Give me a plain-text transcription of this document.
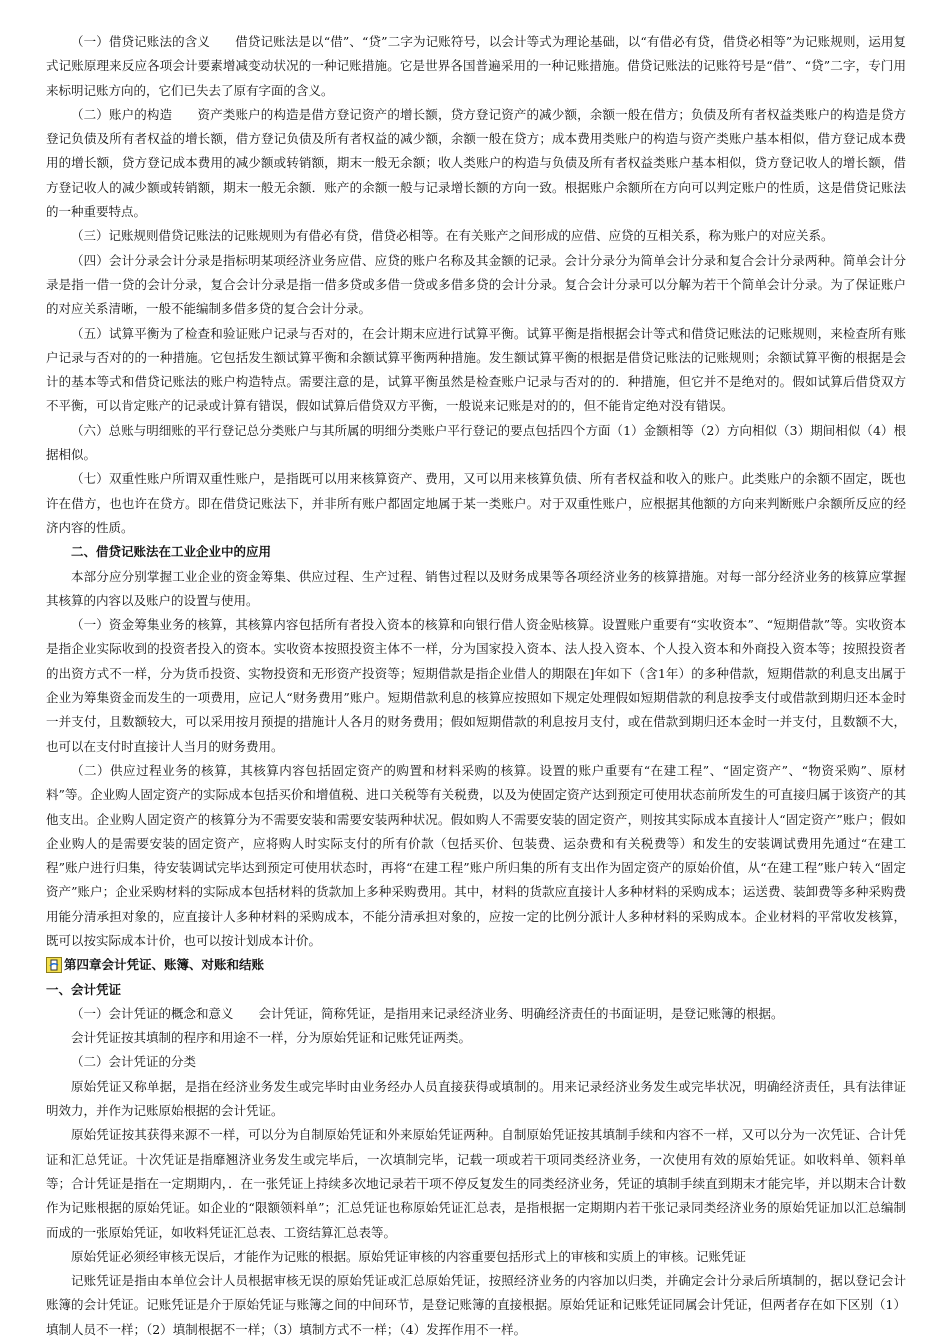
（一）借贷记账法的含义　　借贷记账法是以“借”、“贷”二字为记账符号，以会计等式为理论基础，以“有借必有贷，借贷必相等”为记账规则，运用复式记账原理来反应各项会计要素增减变动状况的一种记账措施。它是世界各国普遍采用的一种记账措施。借贷记账法的记账符号是“借”、“贷”二字，专门用来标明记账方向的，它们已失去了原有字面的含义。

（二）账户的构造　　资产类账户的构造是借方登记资产的增长额，贷方登记资产的减少额，余额一般在借方；负债及所有者权益类账户的构造是贷方登记负债及所有者权益的增长额，借方登记负债及所有者权益的减少额，余额一般在贷方；成本费用类账户的构造与资产类账户基本相似，借方登记成本费用的增长额，贷方登记成本费用的减少额或转销额，期末一般无余额；收人类账户的构造与负债及所有者权益类账户基本相似，贷方登记收人的增长额，借方登记收人的减少额或转销额，期末一般无余额．账产的余额一般与记录增长额的方向一致。根据账户余额所在方向可以判定账户的性质，这是借贷记账法的一种重要特点。

（三）记账规则借贷记账法的记账规则为有借必有贷，借贷必相等。在有关账产之间形成的应借、应贷的互相关系，称为账户的对应关系。

（四）会计分录会计分录是指标明某项经济业务应借、应贷的账户名称及其金额的记录。会计分录分为简单会计分录和复合会计分录两种。简单会计分录是指一借一贷的会计分录，复合会计分录是指一借多贷或多借一贷或多借多贷的会计分录。复合会计分录可以分解为若干个简单会计分录。为了保证账户的对应关系清晰，一般不能编制多借多贷的复合会计分录。

（五）试算平衡为了检查和验证账户记录与否对的，在会计期末应进行试算平衡。试算平衡是指根据会计等式和借贷记账法的记账规则，来检查所有账户记录与否对的的一种措施。它包括发生额试算平衡和余额试算平衡两种措施。发生额试算平衡的根据是借贷记账法的记账规则；余额试算平衡的根据是会计的基本等式和借贷记账法的账户构造特点。需要注意的是，试算平衡虽然是检查账户记录与否对的的．种措施，但它并不是绝对的。假如试算后借贷双方不平衡，可以肯定账产的记录或计算有错误，假如试算后借贷双方平衡，一般说来记账是对的的，但不能肯定绝对没有错误。

（六）总账与明细账的平行登记总分类账户与其所属的明细分类账户平行登记的要点包括四个方面（1）金额相等（2）方向相似（3）期间相似（4）根据相似。

（七）双重性账户所谓双重性账户，是指既可以用来核算资产、费用，又可以用来核算负债、所有者权益和收入的账户。此类账户的余额不固定，既也许在借方，也也许在贷方。即在借贷记账法下，并非所有账户都固定地属于某一类账户。对于双重性账户，应根据其他额的方向来判断账户余额所反应的经济内容的性质。

二、借贷记账法在工业企业中的应用

本部分应分别掌握工业企业的资金筹集、供应过程、生产过程、销售过程以及财务成果等各项经济业务的核算措施。对每一部分经济业务的核算应掌握其核算的内容以及账户的设置与使用。

（一）资金筹集业务的核算，其核算内容包括所有者投入资本的核算和向银行借人资金贴核算。设置账户重要有“实收资本”、“短期借款”等。实收资本是指企业实际收到的投资者投入的资本。实收资本按照投资主体不一样，分为国家投入资本、法人投入资本、个人投入资本和外商投入资本等；按照投资者的出资方式不一样，分为货币投资、实物投资和无形资产投资等；短期借款是指企业借人的期限在]年如下（含1年）的多种借款，短期借款的利息支出属于企业为筹集资金而发生的一项费用，应记人“财务费用”账户。短期借款利息的核算应按照如下规定处理假如短期借款的利息按季支付或借款到期归还本金时一并支付，且数额较大，可以采用按月预提的措施计人各月的财务费用；假如短期借款的利息按月支付，或在借款到期归还本金时一并支付，且数额不大，也可以在支付时直接计人当月的财务费用。

（二）供应过程业务的核算，其核算内容包括固定资产的购置和材料采购的核算。设置的账户重要有“在建工程”、“固定资产”、“物资采购”、原材料”等。企业购人固定资产的实际成本包括买价和增值税、进口关税等有关税费，以及为使固定资产达到预定可使用状态前所发生的可直接归属于该资产的其他支出。企业购人固定资产的核算分为不需要安装和需要安装两种状况。假如购人不需要安装的固定资产，则按其实际成本直接计人“固定资产”账户；假如企业购人的是需要安装的固定资产，应将购人时实际支付的所有价款（包括买价、包装费、运杂费和有关税费等）和发生的安装调试费用先通过“在建工程”账户进行归集，待安装调试完毕达到预定可使用状态时，再将“在建工程”账户所归集的所有支出作为固定资产的原始价值，从“在建工程”账户转入“固定资产”账户；企业采购材料的实际成本包括材料的货款加上多种采购费用。其中，材料的货款应直接计人多种材料的采购成本；运送费、装卸费等多种采购费用能分清承担对象的，应直接计人多种材料的采购成本，不能分清承担对象的，应按一定的比例分派计人多种材料的采购成本。企业材料的平常收发核算，既可以按实际成本计价，也可以按计划成本计价。

第四章会计凭证、账簿、对账和结账

一、会计凭证

（一）会计凭证的概念和意义　　会计凭证，简称凭证，是指用来记录经济业务、明确经济责任的书面证明，是登记账簿的根据。

会计凭证按其填制的程序和用途不一样，分为原始凭证和记账凭证两类。

（二）会计凭证的分类

原始凭证又称单据，是指在经济业务发生或完毕时由业务经办人员直接获得或填制的。用来记录经济业务发生或完毕状况，明确经济责任，具有法律证明效力，并作为记账原始根据的会计凭证。

原始凭证按其获得来源不一样，可以分为自制原始凭证和外来原始凭证两种。自制原始凭证按其填制手续和内容不一样，又可以分为一次凭证、合计凭证和汇总凭证。十次凭证是指靡翘济业务发生或完毕后，一次填制完毕，记载一项或若干项同类经济业务，一次使用有效的原始凭证。如收料单、领料单等；合计凭证是指在一定期期内，．在一张凭证上持续多次地记录若干项不停反复发生的同类经济业务，凭证的填制手续直到期末才能完毕，并以期末合计数作为记账根据的原始凭证。如企业的“限额领料单”；汇总凭证也称原始凭证汇总表，是指根据一定期期内若干张记录同类经济业务的原始凭证加以汇总编制而成的一张原始凭证，如收料凭证汇总表、工资结算汇总表等。

原始凭证必须经审核无误后，才能作为记账的根据。原始凭证审核的内容重要包括形式上的审核和实质上的审核。记账凭证

记账凭证是指由本单位会计人员根据审核无误的原始凭证或汇总原始凭证，按照经济业务的内容加以归类，并确定会计分录后所填制的，据以登记会计账簿的会计凭证。记账凭证是介于原始凭证与账簿之间的中间环节，是登记账簿的直接根据。原始凭证和记账凭证同属会计凭证，但两者存在如下区别（1）填制人员不一样；（2）填制根据不一样；（3）填制方式不一样；（4）发挥作用不一样。
